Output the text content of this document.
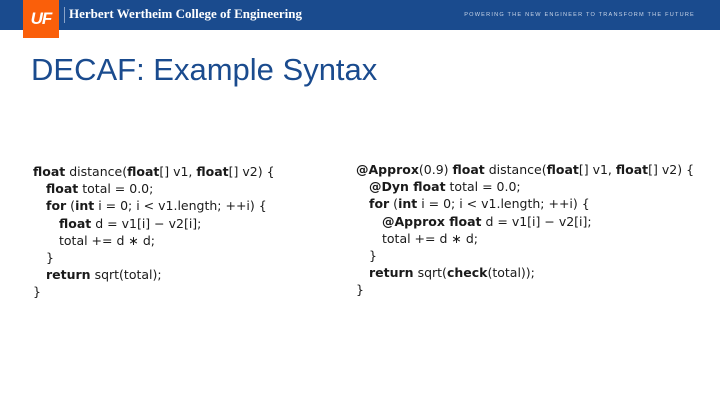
UF Herbert Wertheim College of Engineering	POWERING THE NEW ENGINEER TO TRANSFORM THE FUTURE
DECAF: Example Syntax
float distance(float[] v1, float[] v2) {
float total = 0.0;
for (int i = 0; i < v1.length; ++i) {
float d = v1[i] − v2[i];
total += d ∗ d;
}
return sqrt(total);
}
@Approx(0.9) float distance(float[] v1, float[] v2) {
@Dyn float total = 0.0;
for (int i = 0; i < v1.length; ++i) {
@Approx float d = v1[i] − v2[i];
total += d ∗ d;
}
return sqrt(check(total));
}
